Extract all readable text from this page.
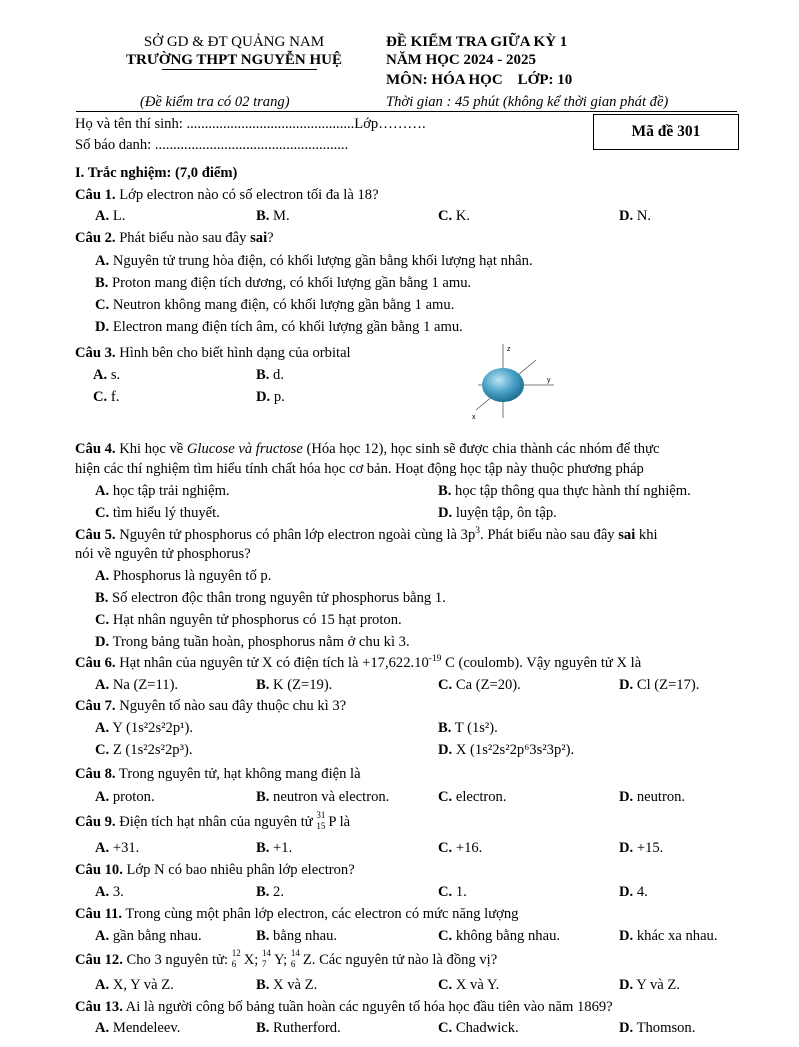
SỞ GD & ĐT QUẢNG NAM
TRƯỜNG THPT NGUYỄN HUỆ
ĐỀ KIỂM TRA GIỮA KỲ 1
NĂM HỌC 2024 - 2025
MÔN: HÓA HỌC    LỚP: 10
(Đề kiểm tra có 02 trang)	Thời gian : 45 phút (không kể thời gian phát đề)
Họ và tên thí sinh: ..............................................Lớp……….
Số báo danh: .....................................................
Mã đề 301
I. Trắc nghiệm: (7,0 điểm)
Câu 1. Lớp electron nào có số electron tối đa là 18?
A. L.	B. M.	C. K.	D. N.
Câu 2. Phát biểu nào sau đây sai?
A. Nguyên tử trung hòa điện, có khối lượng gần bằng khối lượng hạt nhân.
B. Proton mang điện tích dương, có khối lượng gần bằng 1 amu.
C. Neutron không mang điện, có khối lượng gần bằng 1 amu.
D. Electron mang điện tích âm, có khối lượng gần bằng 1 amu.
Câu 3. Hình bên cho biết hình dạng của orbital
A. s.	B. d.
C. f.	D. p.
z
y
x
Câu 4. Khi học về Glucose và fructose (Hóa học 12), học sinh sẽ được chia thành các nhóm để thực
hiện các thí nghiệm tìm hiểu tính chất hóa học cơ bản. Hoạt động học tập này thuộc phương pháp
A. học tập trải nghiệm.	B. học tập thông qua thực hành thí nghiệm.
C. tìm hiểu lý thuyết.	D. luyện tập, ôn tập.
Câu 5. Nguyên tử phosphorus có phân lớp electron ngoài cùng là $3p^3$. Phát biểu nào sau đây sai khi
nói về nguyên tử phosphorus?
A. Phosphorus là nguyên tố p.
B. Số electron độc thân trong nguyên tử phosphorus bằng 1.
C. Hạt nhân nguyên tử phosphorus có 15 hạt proton.
D. Trong bảng tuần hoàn, phosphorus nằm ở chu kì 3.
Câu 6. Hạt nhân của nguyên tử X có điện tích là $+17,622.10^{-19}$ C (coulomb). Vậy nguyên tử X là
A. Na (Z=11).	B. K (Z=19).	C. Ca (Z=20).	D. Cl (Z=17).
Câu 7. Nguyên tố nào sau đây thuộc chu kì 3?
A. Y (1s²2s²2p¹).	B. T (1s²).
C. Z (1s²2s²2p³).	D. X (1s²2s²2p⁶3s²3p²).
Câu 8. Trong nguyên tử, hạt không mang điện là
A. proton.	B. neutron và electron.	C. electron.	D. neutron.
Câu 9. Điện tích hạt nhân của nguyên tử 31
15 P là
A. +31.	B. +1.	C. +16.	D. +15.
Câu 10. Lớp N có bao nhiêu phân lớp electron?
A. 3.	B. 2.	C. 1.	D. 4.
Câu 11. Trong cùng một phân lớp electron, các electron có mức năng lượng
A. gần bằng nhau.	B. bằng nhau.	C. không bằng nhau.	D. khác xa nhau.
Câu 12. Cho 3 nguyên tử: 12
6 X; 14
7 Y; 14
6 Z. Các nguyên tử nào là đồng vị?
A. X, Y và Z.	B. X và Z.	C. X và Y.	D. Y và Z.
Câu 13. Ai là người công bố bảng tuần hoàn các nguyên tố hóa học đầu tiên vào năm 1869?
A. Mendeleev.	B. Rutherford.	C. Chadwick.	D. Thomson.
